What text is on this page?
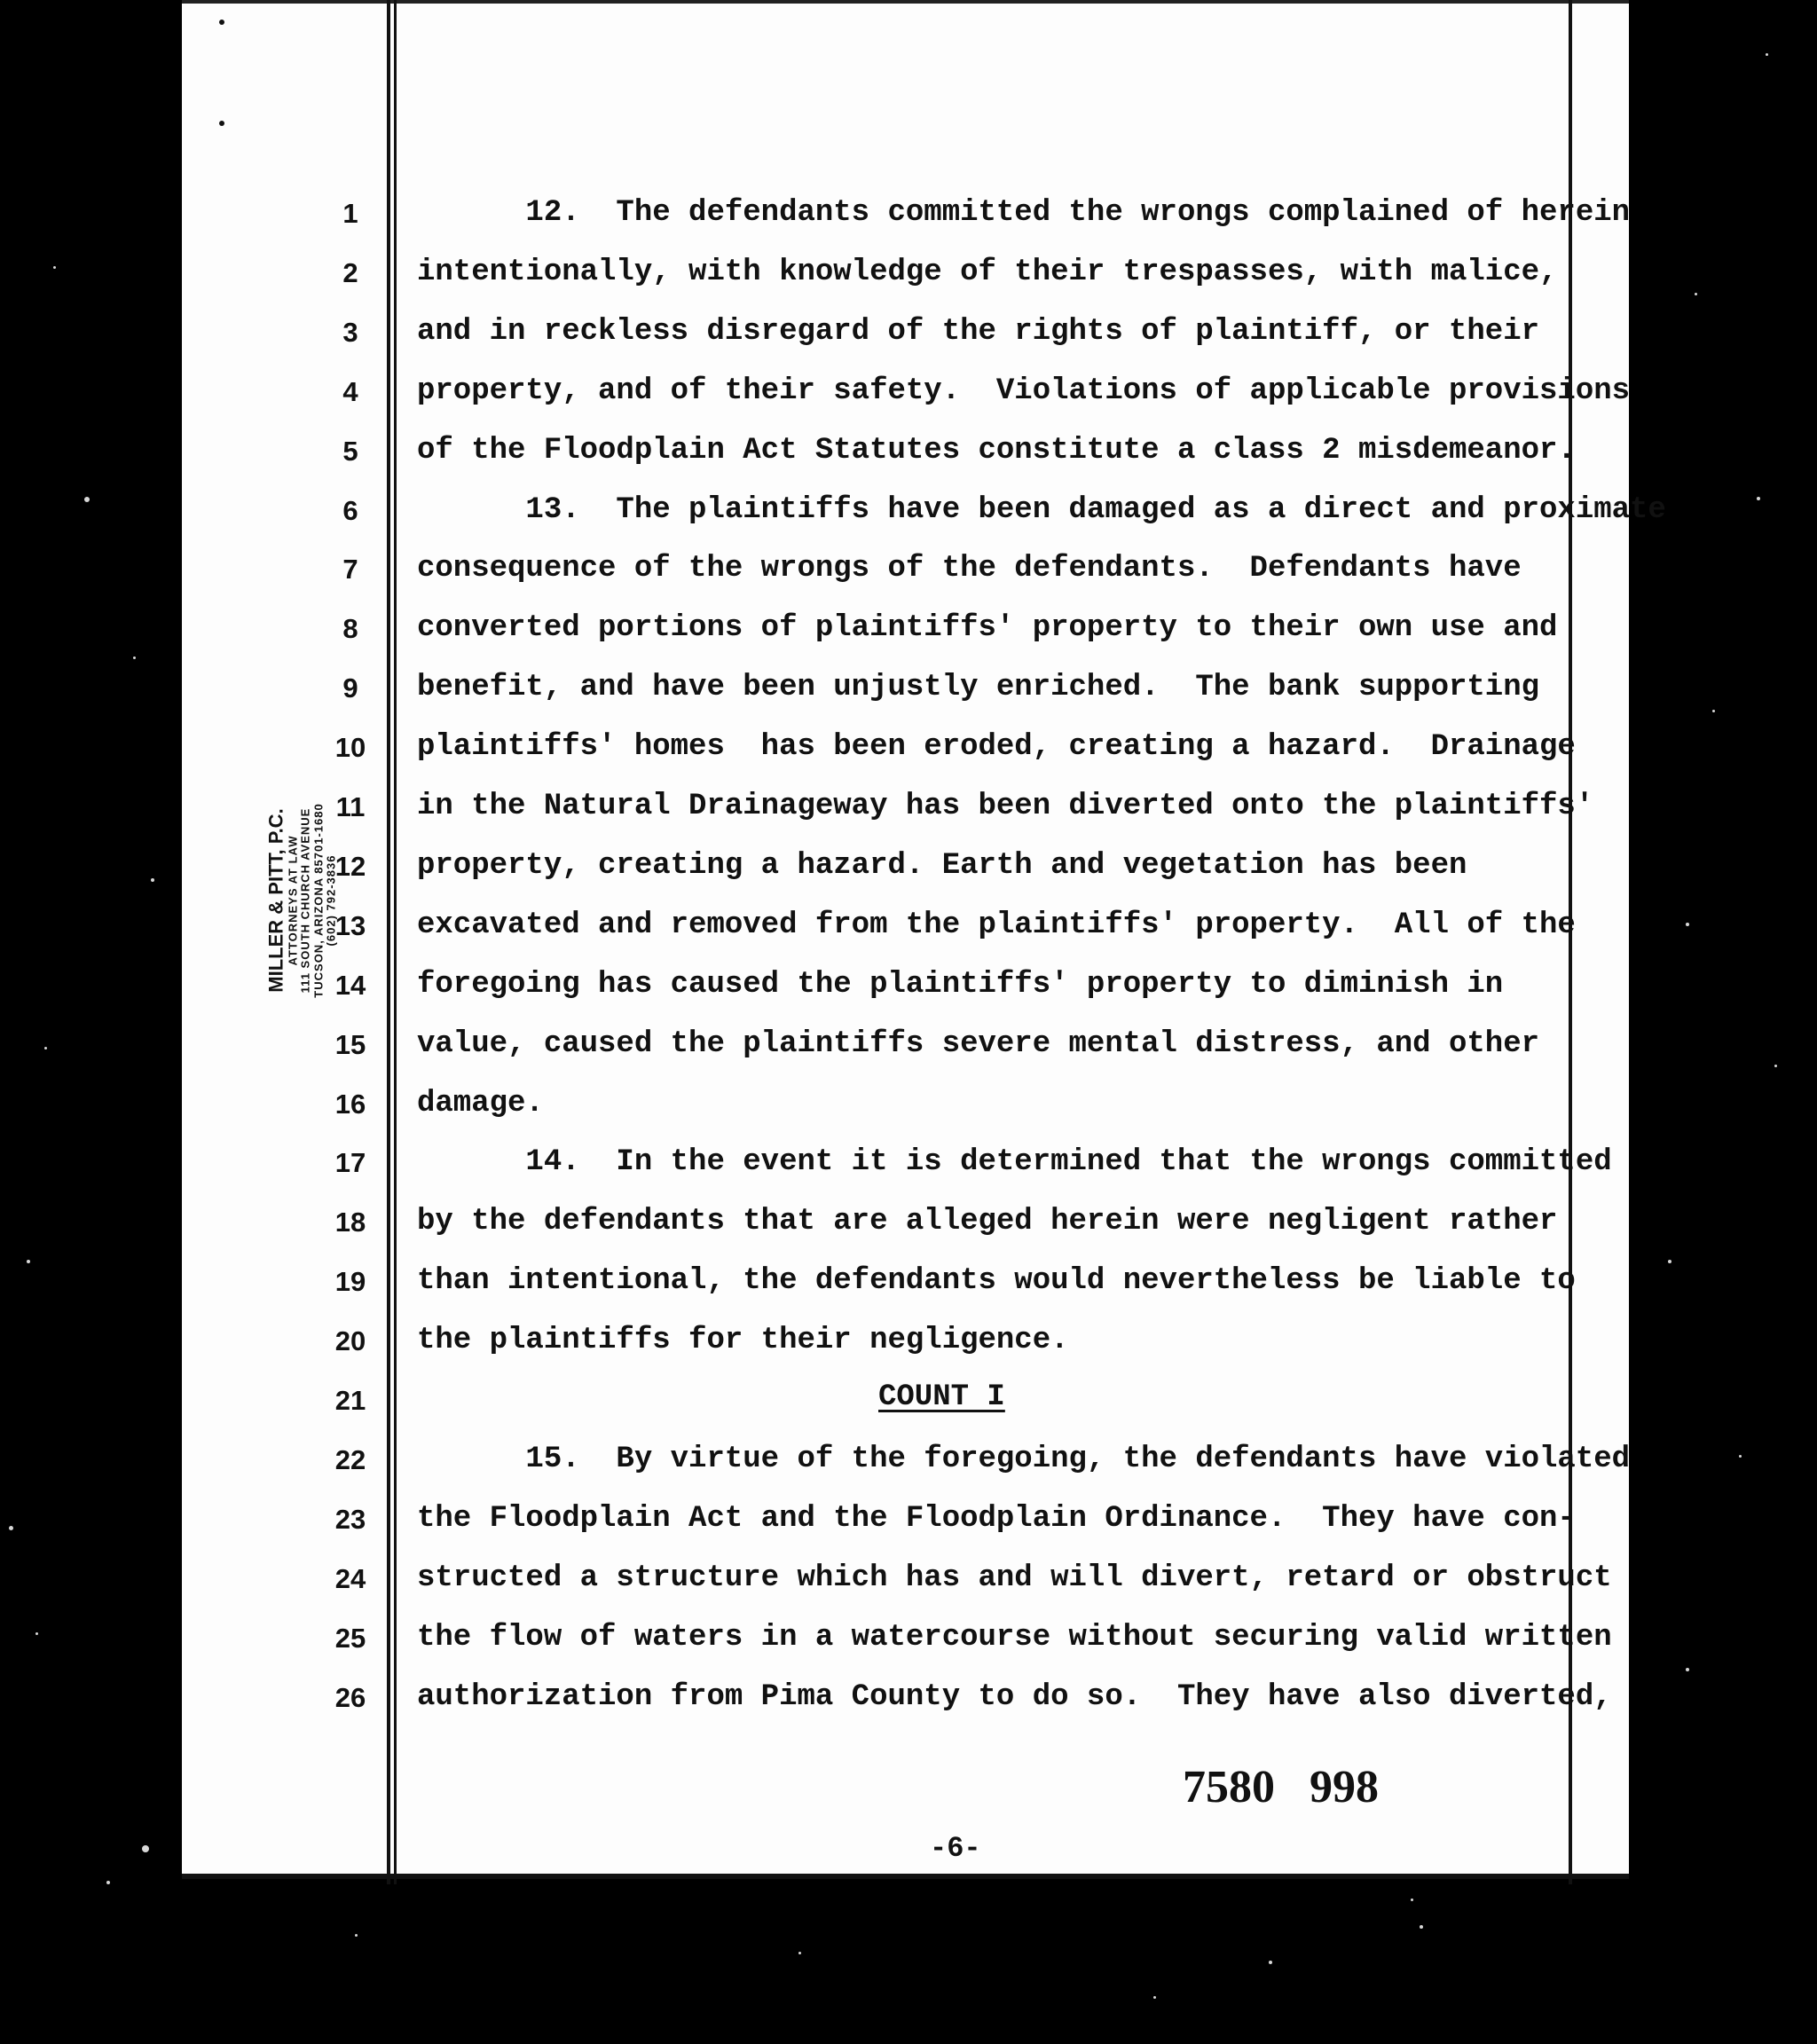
MILLER & PITT, P.C. ATTORNEYS AT LAW 111 SOUTH CHURCH AVENUE TUCSON, ARIZONA 85701-1680 (602) 792-3836
1
2
3
4
5
6
7
8
9
10
11
12
13
14
15
16
17
18
19
20
21
22
23
24
25
26
12.  The defendants committed the wrongs complained of herein
intentionally, with knowledge of their trespasses, with malice,
and in reckless disregard of the rights of plaintiff, or their
property, and of their safety.  Violations of applicable provisions
of the Floodplain Act Statutes constitute a class 2 misdemeanor.
13.  The plaintiffs have been damaged as a direct and proximate
consequence of the wrongs of the defendants.  Defendants have
converted portions of plaintiffs' property to their own use and
benefit, and have been unjustly enriched.  The bank supporting
plaintiffs' homes  has been eroded, creating a hazard.  Drainage
in the Natural Drainageway has been diverted onto the plaintiffs'
property, creating a hazard. Earth and vegetation has been
excavated and removed from the plaintiffs' property.  All of the
foregoing has caused the plaintiffs' property to diminish in
value, caused the plaintiffs severe mental distress, and other
damage.
14.  In the event it is determined that the wrongs committed
by the defendants that are alleged herein were negligent rather
than intentional, the defendants would nevertheless be liable to
the plaintiffs for their negligence.
15.  By virtue of the foregoing, the defendants have violated
the Floodplain Act and the Floodplain Ordinance.  They have con-
structed a structure which has and will divert, retard or obstruct
the flow of waters in a watercourse without securing valid written
authorization from Pima County to do so.  They have also diverted,
COUNT I
7580   998
-6-
